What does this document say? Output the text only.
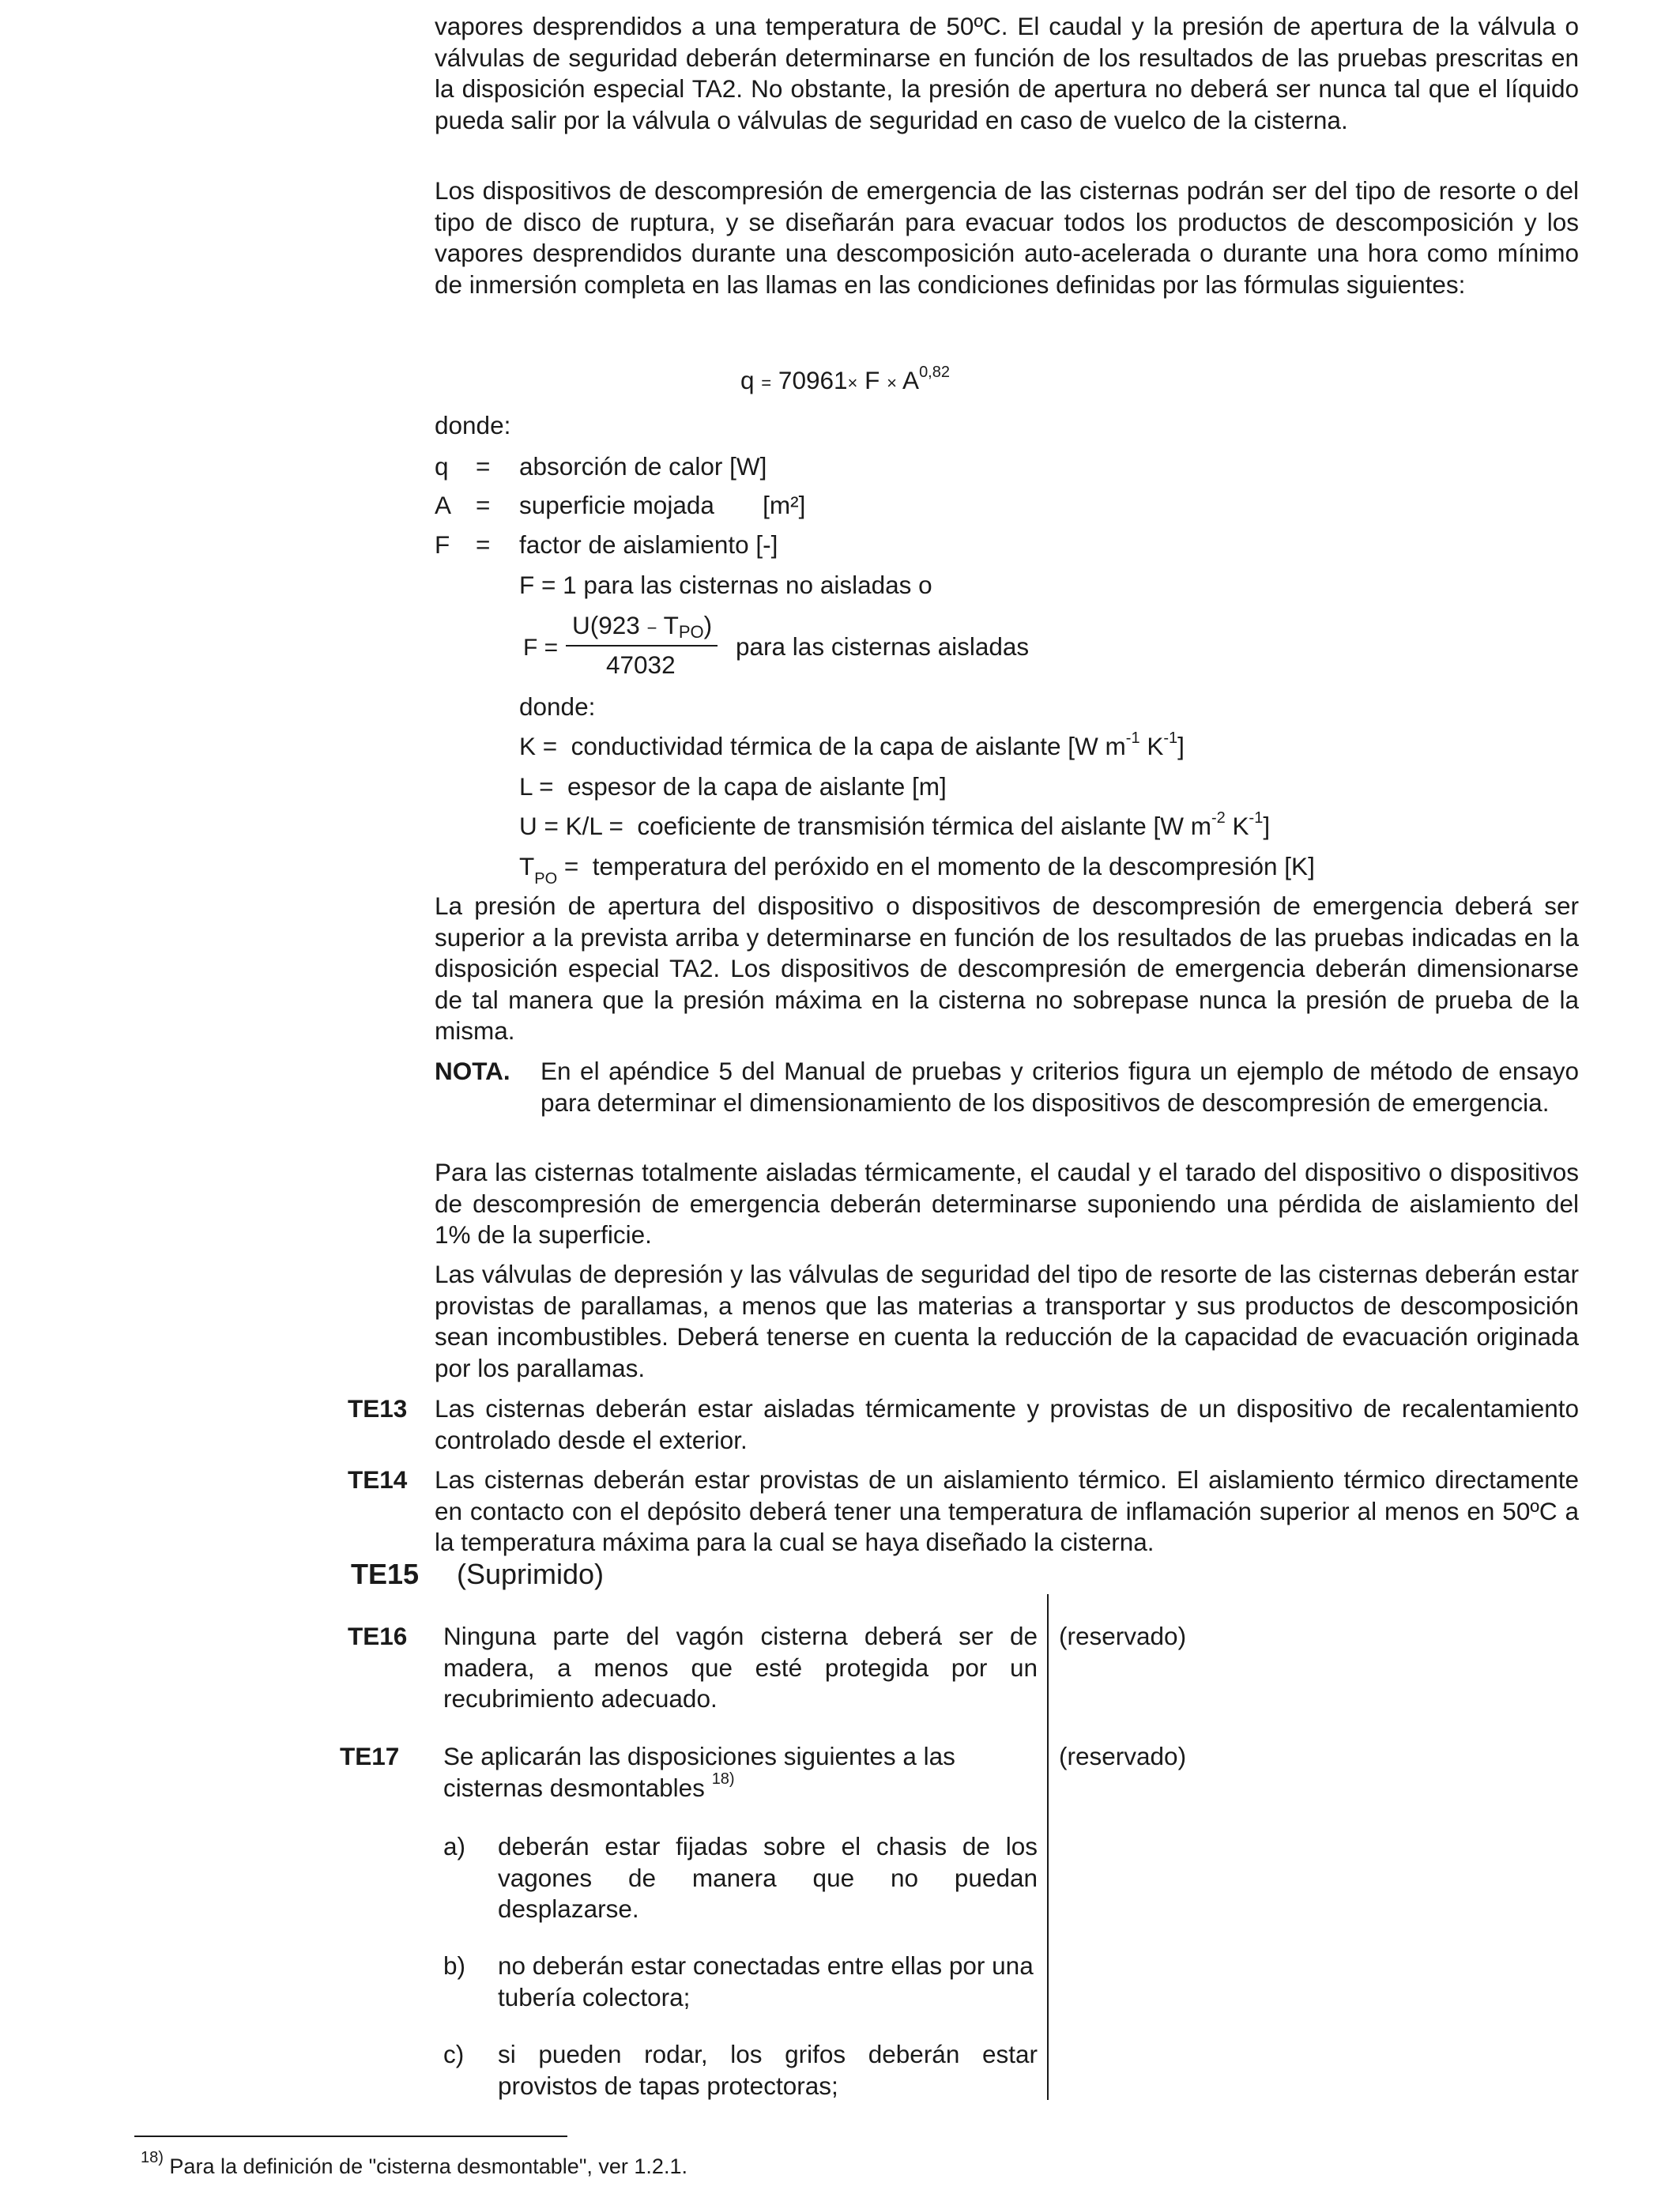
vapores desprendidos a una temperatura de 50ºC. El caudal y la presión de apertura de la válvula o válvulas de seguridad deberán determinarse en función de los resultados de las pruebas prescritas en la disposición especial TA2. No obstante, la presión de apertura no deberá ser nunca tal que el líquido pueda salir por la válvula o válvulas de seguridad en caso de vuelco de la cisterna.
Los dispositivos de descompresión de emergencia de las cisternas podrán ser del tipo de resorte o del tipo de disco de ruptura, y se diseñarán para evacuar todos los productos de descomposición y los vapores desprendidos durante una descomposición auto-acelerada o durante una hora como mínimo de inmersión completa en las llamas en las condiciones definidas por las fórmulas siguientes:
q = 70961× F × A$^{0,82}$
donde:
q = absorción de calor [W]
A = superficie mojada       [m²]
F = factor de aislamiento [-]
F = 1 para las cisternas no aisladas o
F =
U(923 − TPO)
47032
para las cisternas aisladas
donde:
K =  conductividad térmica de la capa de aislante [W $m^{-1}$ $K^{-1}$]
L =  espesor de la capa de aislante [m]
U = K/L =  coeficiente de transmisión térmica del aislante [W $m^{-2}$ $K^{-1}$]
$T_{PO}$ =  temperatura del peróxido en el momento de la descompresión [K]
La presión de apertura del dispositivo o dispositivos de descompresión de emergencia deberá ser superior a la prevista arriba y determinarse en función de los resultados de las pruebas indicadas en la disposición especial TA2. Los dispositivos de descompresión de emergencia deberán dimensionarse de tal manera que la presión máxima en la cisterna no sobrepase nunca la presión de prueba de la misma.
NOTA. En el apéndice 5 del Manual de pruebas y criterios figura un ejemplo de método de ensayo para determinar el dimensionamiento de los dispositivos de descompresión de emergencia.
Para las cisternas totalmente aisladas térmicamente, el caudal y el tarado del dispositivo o dispositivos de descompresión de emergencia deberán determinarse suponiendo una pérdida de aislamiento del 1% de la superficie.
Las válvulas de depresión y las válvulas de seguridad del tipo de resorte de las cisternas deberán estar provistas de parallamas, a menos que las materias a transportar y sus productos de descomposición sean incombustibles. Deberá tenerse en cuenta la reducción de la capacidad de evacuación originada por los parallamas.
TE13 Las cisternas deberán estar aisladas térmicamente y provistas de un dispositivo de recalentamiento controlado desde el exterior.
TE14 Las cisternas deberán estar provistas de un aislamiento térmico. El aislamiento térmico directamente en contacto con el depósito deberá tener una temperatura de inflamación superior al menos en 50ºC a la temperatura máxima para la cual se haya diseñado la cisterna.
TE15 (Suprimido)
TE16 Ninguna parte del vagón cisterna deberá ser de madera, a menos que esté protegida por un recubrimiento adecuado.
(reservado)
TE17 Se aplicarán las disposiciones siguientes a las cisternas desmontables $^{18)}$
(reservado)
a) deberán estar fijadas sobre el chasis de los vagones de manera que no puedan desplazarse.
b) no deberán estar conectadas entre ellas por una tubería colectora;
c) si pueden rodar, los grifos deberán estar provistos de tapas protectoras;
$^{18)}$ Para la definición de "cisterna desmontable", ver 1.2.1.
